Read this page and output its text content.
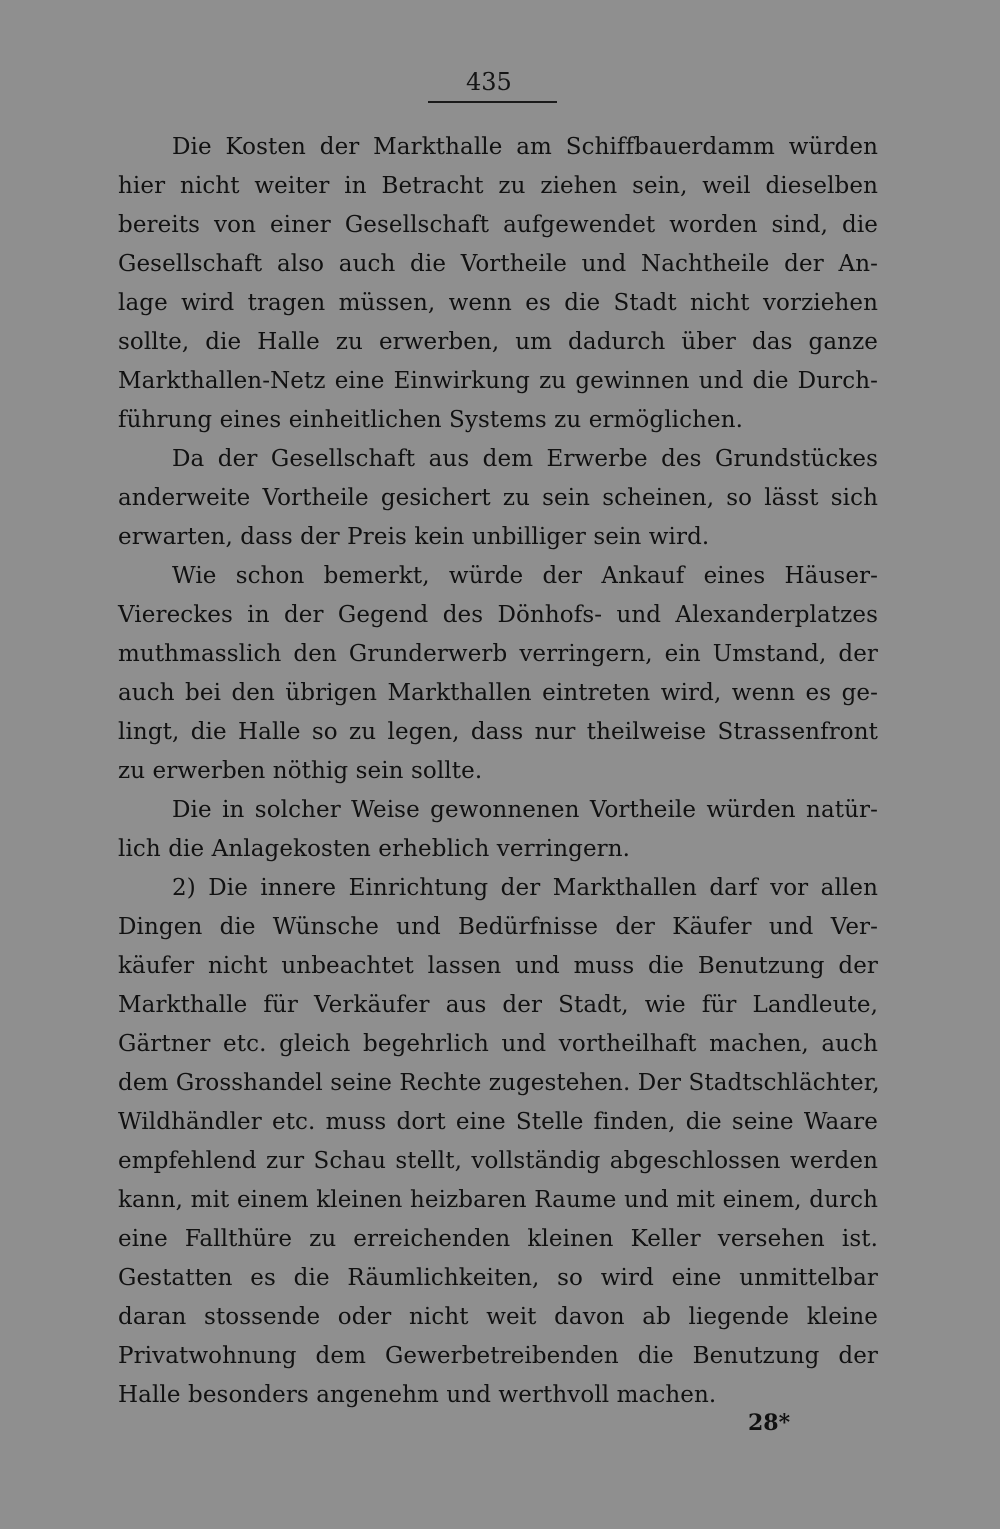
435
Die Kosten der Markthalle am Schiffbauerdamm würden
hier nicht weiter in Betracht zu ziehen sein, weil dieselben
bereits von einer Gesellschaft aufgewendet worden sind, die
Gesellschaft also auch die Vortheile und Nachtheile der An-
lage wird tragen müssen, wenn es die Stadt nicht vorziehen
sollte, die Halle zu erwerben, um dadurch über das ganze
Markthallen-Netz eine Einwirkung zu gewinnen und die Durch-
führung eines einheitlichen Systems zu ermöglichen.
Da der Gesellschaft aus dem Erwerbe des Grundstückes
anderweite Vortheile gesichert zu sein scheinen, so lässt sich
erwarten, dass der Preis kein unbilliger sein wird.
Wie schon bemerkt, würde der Ankauf eines Häuser-
Viereckes in der Gegend des Dönhofs- und Alexanderplatzes
muthmasslich den Grunderwerb verringern, ein Umstand, der
auch bei den übrigen Markthallen eintreten wird, wenn es ge-
lingt, die Halle so zu legen, dass nur theilweise Strassenfront
zu erwerben nöthig sein sollte.
Die in solcher Weise gewonnenen Vortheile würden natür-
lich die Anlagekosten erheblich verringern.
2) Die innere Einrichtung der Markthallen darf vor allen
Dingen die Wünsche und Bedürfnisse der Käufer und Ver-
käufer nicht unbeachtet lassen und muss die Benutzung der
Markthalle für Verkäufer aus der Stadt, wie für Landleute,
Gärtner etc. gleich begehrlich und vortheilhaft machen, auch
dem Grosshandel seine Rechte zugestehen. Der Stadtschlächter,
Wildhändler etc. muss dort eine Stelle finden, die seine Waare
empfehlend zur Schau stellt, vollständig abgeschlossen werden
kann, mit einem kleinen heizbaren Raume und mit einem, durch
eine Fallthüre zu erreichenden kleinen Keller versehen ist.
Gestatten es die Räumlichkeiten, so wird eine unmittelbar
daran stossende oder nicht weit davon ab liegende kleine
Privatwohnung dem Gewerbetreibenden die Benutzung der
Halle besonders angenehm und werthvoll machen.
28*
